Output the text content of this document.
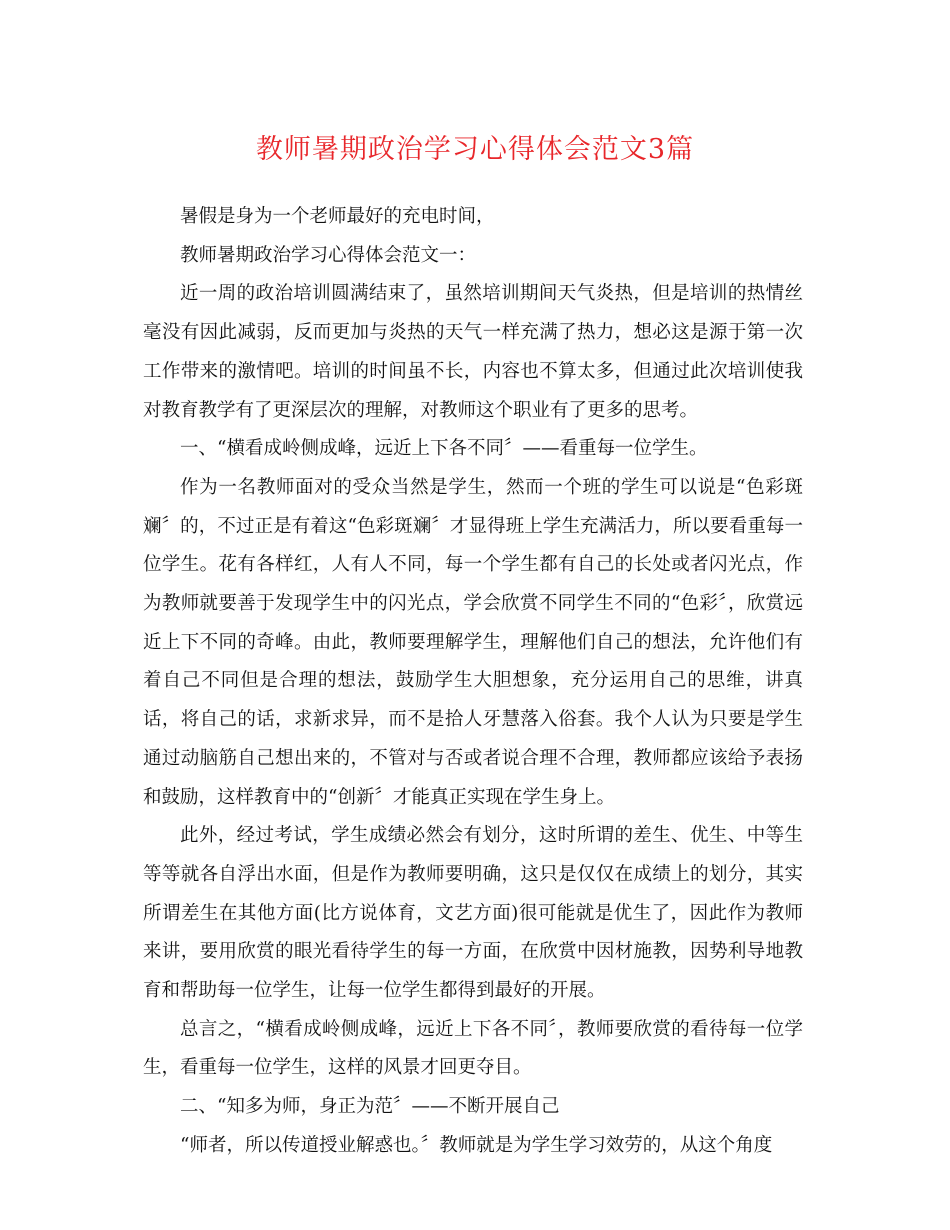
教师暑期政治学习心得体会范文3篇

暑假是身为一个老师最好的充电时间，

教师暑期政治学习心得体会范文一：

近一周的政治培训圆满结束了，虽然培训期间天气炎热，但是培训的热情丝毫没有因此减弱，反而更加与炎热的天气一样充满了热力，想必这是源于第一次工作带来的激情吧。培训的时间虽不长，内容也不算太多，但通过此次培训使我对教育教学有了更深层次的理解，对教师这个职业有了更多的思考。

一、“横看成岭侧成峰，远近上下各不同〞——看重每一位学生。

作为一名教师面对的受众当然是学生，然而一个班的学生可以说是“色彩斑斓〞的，不过正是有着这“色彩斑斓〞才显得班上学生充满活力，所以要看重每一位学生。花有各样红，人有人不同，每一个学生都有自己的长处或者闪光点，作为教师就要善于发现学生中的闪光点，学会欣赏不同学生不同的“色彩〞，欣赏远近上下不同的奇峰。由此，教师要理解学生，理解他们自己的想法，允许他们有着自己不同但是合理的想法，鼓励学生大胆想象，充分运用自己的思维，讲真话，将自己的话，求新求异，而不是拾人牙慧落入俗套。我个人认为只要是学生通过动脑筋自己想出来的，不管对与否或者说合理不合理，教师都应该给予表扬和鼓励，这样教育中的“创新〞才能真正实现在学生身上。

此外，经过考试，学生成绩必然会有划分，这时所谓的差生、优生、中等生等等就各自浮出水面，但是作为教师要明确，这只是仅仅在成绩上的划分，其实所谓差生在其他方面(比方说体育，文艺方面)很可能就是优生了，因此作为教师来讲，要用欣赏的眼光看待学生的每一方面，在欣赏中因材施教，因势利导地教育和帮助每一位学生，让每一位学生都得到最好的开展。

总言之，“横看成岭侧成峰，远近上下各不同〞，教师要欣赏的看待每一位学生，看重每一位学生，这样的风景才回更夺目。

二、“知多为师，身正为范〞——不断开展自己

“师者，所以传道授业解惑也。〞教师就是为学生学习效劳的，从这个角度
